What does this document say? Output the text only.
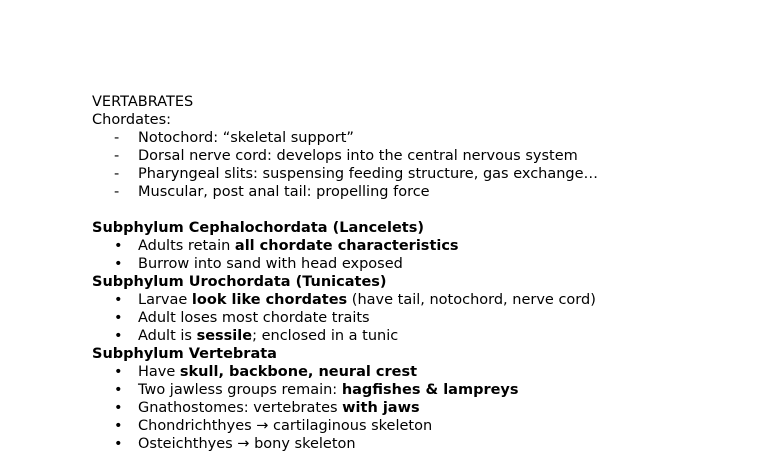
VERTABRATES
Chordates:
-	Notochord: “skeletal support”
-	Dorsal nerve cord: develops into the central nervous system
-	Pharyngeal slits: suspensing feeding structure, gas exchange…
-	Muscular, post anal tail: propelling force
Subphylum Cephalochordata (Lancelets)
• Adults retain all chordate characteristics
• Burrow into sand with head exposed
Subphylum Urochordata (Tunicates)
• Larvae look like chordates (have tail, notochord, nerve cord)
• Adult loses most chordate traits
• Adult is sessile; enclosed in a tunic
Subphylum Vertebrata
• Have skull, backbone, neural crest
• Two jawless groups remain: hagfishes & lampreys
• Gnathostomes: vertebrates with jaws
• Chondrichthyes → cartilaginous skeleton
• Osteichthyes → bony skeleton
